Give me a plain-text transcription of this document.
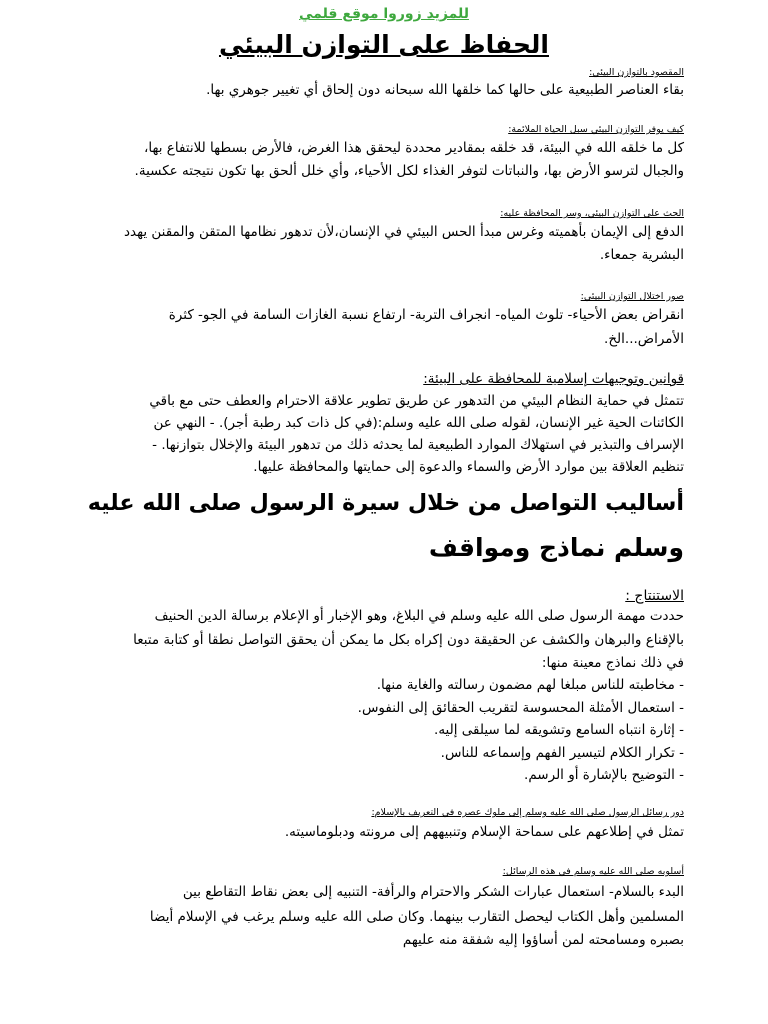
للمزيد زوروا موقع قلمي
الحفاظ على التوازن البيئي
المقصود بالتوازن البيئي:
بقاء العناصر الطبيعية على حالها كما خلقها الله سبحانه دون إلحاق أي تغيير جوهري بها.
كيف يوفر التوازن البيئي سبل الحياة الملائمة:
كل ما خلقه الله في البيئة، قد خلقه بمقادير محددة ليحقق هذا الغرض، فالأرض بسطها للانتفاع بها،
والجبال لترسو الأرض بها، والنباتات لتوفر الغذاء لكل الأحياء، وأي خلل ألحق بها تكون نتيجته عكسية.
الحث على التوازن البيئي، وسر المحافظة عليه:
الدفع إلى الإيمان بأهميته وغرس مبدأ الحس البيئي في الإنسان،لأن تدهور نظامها المتقن والمقنن يهدد
البشرية جمعاء.
صور اختلال التوازن البيئي:
انقراض بعض الأحياء- تلوث المياه- انجراف التربة- ارتفاع نسبة الغازات السامة في الجو- كثرة
الأمراض...الخ.
قوانين وتوجيهات إسلامية للمحافظة على البيئة:
تتمثل في حماية النظام البيئي من التدهور عن طريق تطوير علاقة الاحترام والعطف حتى مع باقي
الكائنات الحية غير الإنسان، لقوله صلى الله عليه وسلم:(في كل ذات كبد رطبة أجر). - النهي عن
الإسراف والتبذير في استهلاك الموارد الطبيعية لما يحدثه ذلك من تدهور البيئة والإخلال بتوازنها. -
تنظيم العلاقة بين موارد الأرض والسماء والدعوة إلى حمايتها والمحافظة عليها.
أساليب التواصل من خلال سيرة الرسول صلى الله عليه
وسلم نماذج ومواقف
الاستنتاج :
حددت مهمة الرسول صلى الله عليه وسلم في البلاغ، وهو الإخبار أو الإعلام برسالة الدين الحنيف
بالإقناع والبرهان والكشف عن الحقيقة دون إكراه بكل ما يمكن أن يحقق التواصل نطقا أو كتابة متبعا
في ذلك نماذج معينة منها:
- مخاطبته للناس مبلغا لهم مضمون رسالته والغاية منها.
- استعمال الأمثلة المحسوسة لتقريب الحقائق إلى النفوس.
- إثارة انتباه السامع وتشويقه لما سيلقى إليه.
- تكرار الكلام لتيسير الفهم وإسماعه للناس.
- التوضيح بالإشارة أو الرسم.
دور رسائل الرسول صلى الله عليه وسلم إلى ملوك عصره في التعريف بالإسلام:
تمثل في إطلاعهم على سماحة الإسلام وتنبيههم إلى مرونته ودبلوماسيته.
أسلوبه صلى الله عليه وسلم في هذه الرسائل:
البدء بالسلام- استعمال عبارات الشكر والاحترام والرأفة- التنبيه إلى بعض نقاط التقاطع بين
المسلمين وأهل الكتاب ليحصل التقارب بينهما. وكان صلى الله عليه وسلم يرغب في الإسلام أيضا
بصبره ومسامحته لمن أساؤوا إليه شفقة منه عليهم
